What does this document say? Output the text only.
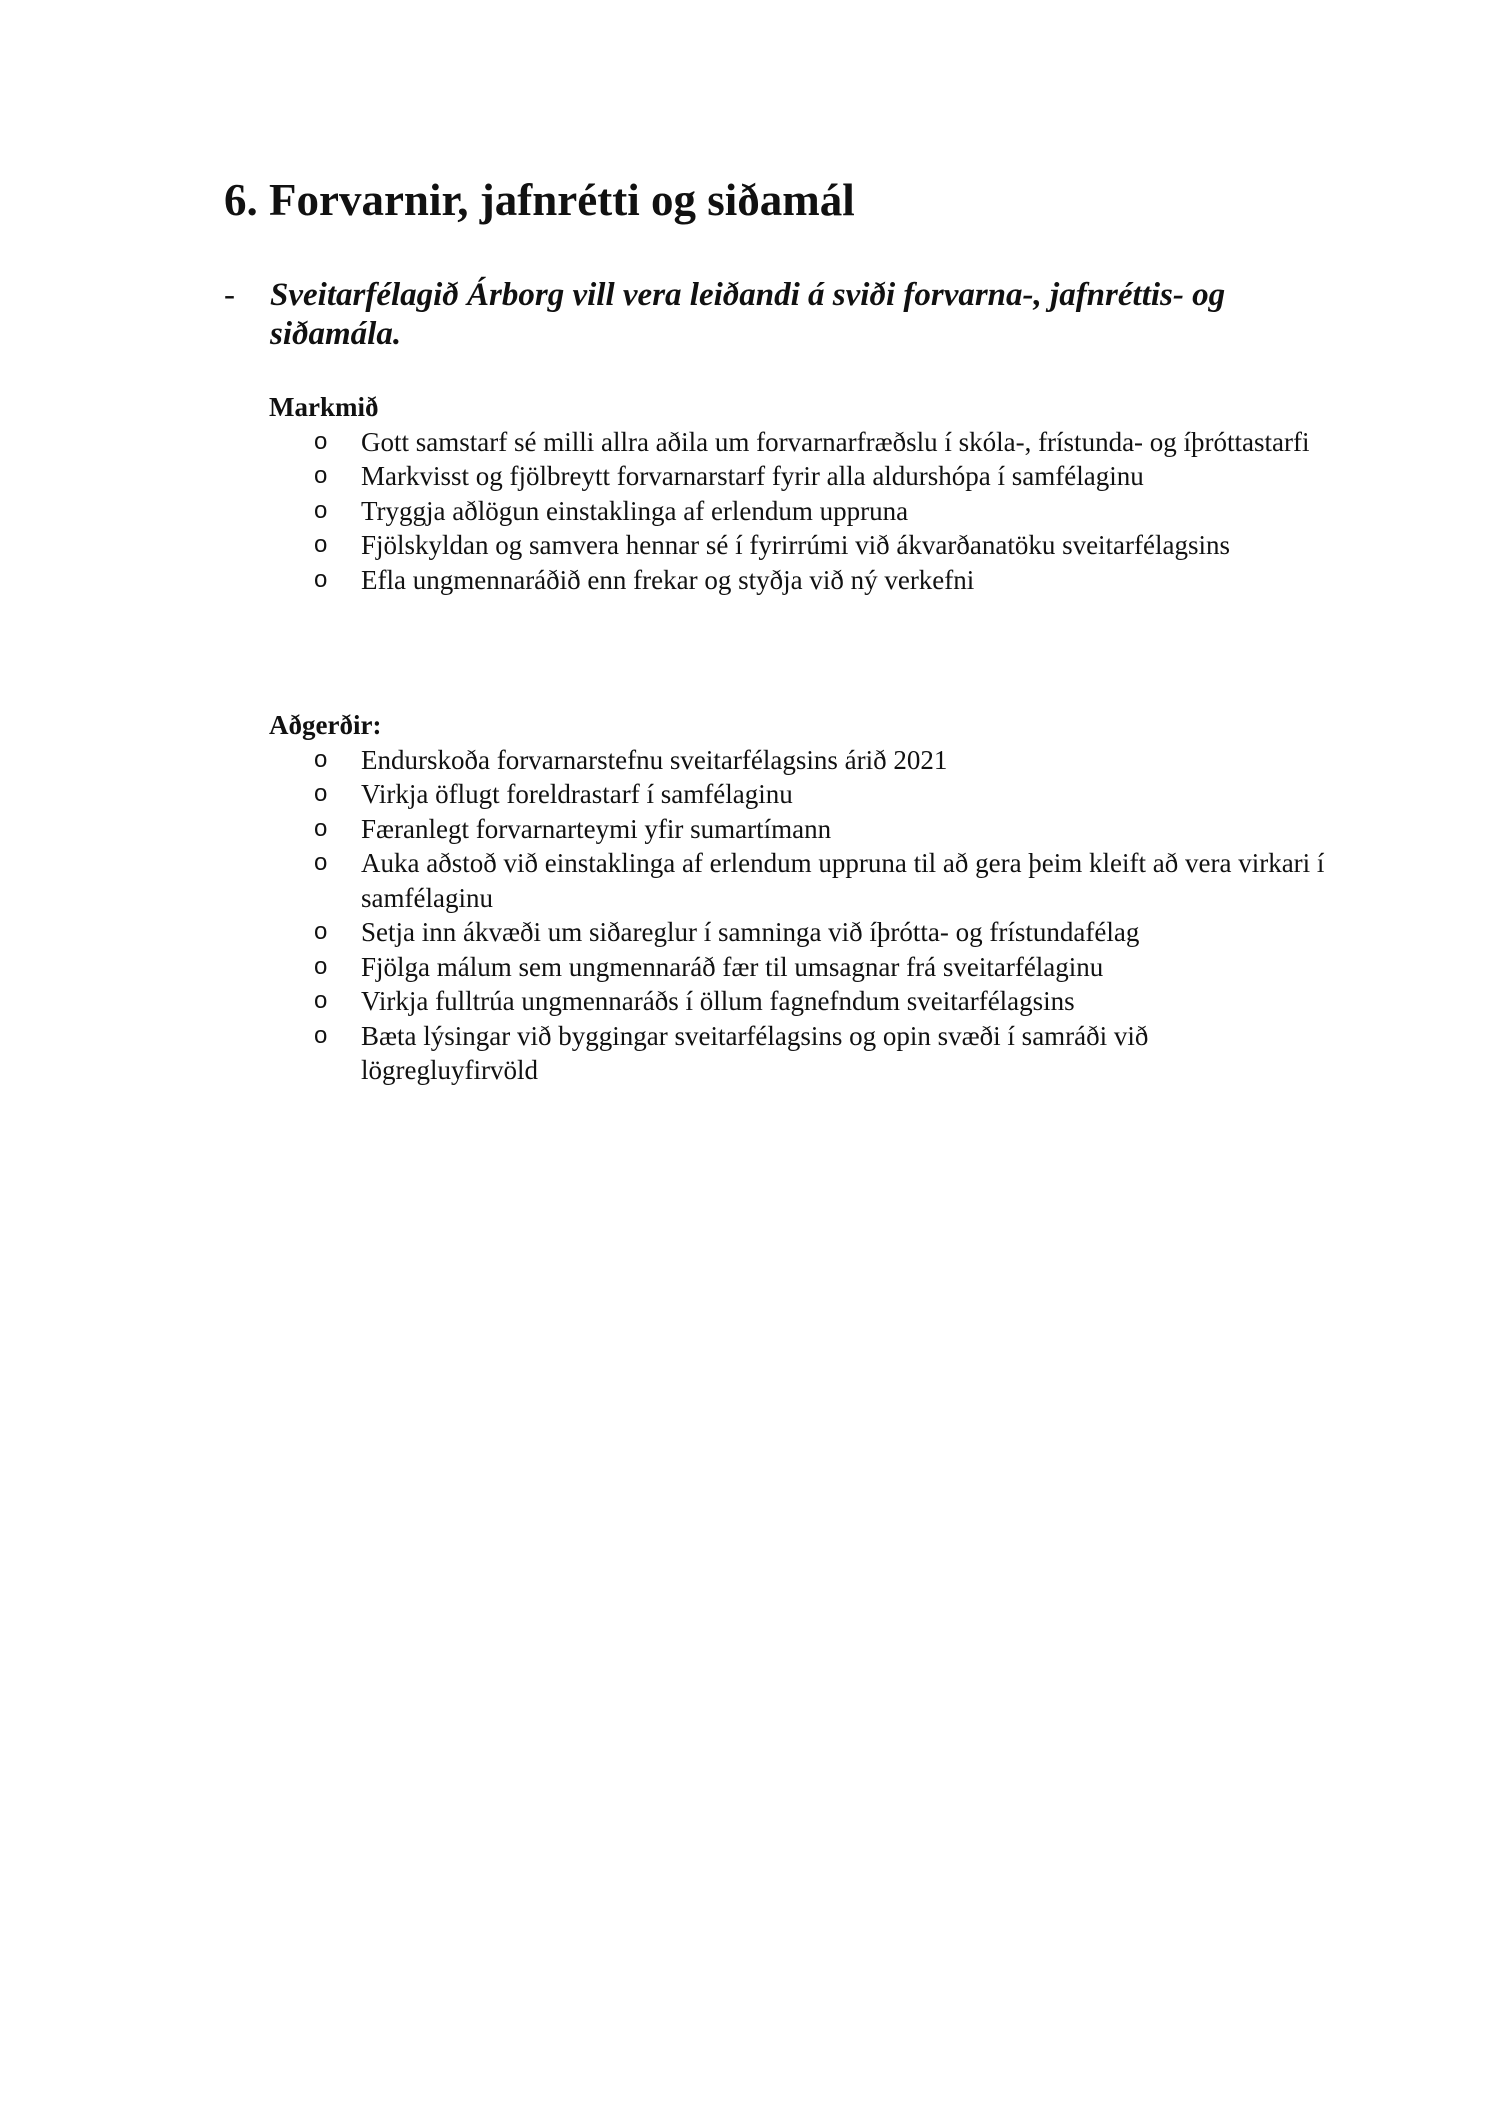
6. Forvarnir, jafnrétti og siðamál
- Sveitarfélagið Árborg vill vera leiðandi á sviði forvarna-, jafnréttis- og siðamála.

Markmið

o Gott samstarf sé milli allra aðila um forvarnarfræðslu í skóla-, frístunda- og íþróttastarfi
o Markvisst og fjölbreytt forvarnarstarf fyrir alla aldurshópa í samfélaginu
o Tryggja aðlögun einstaklinga af erlendum uppruna
o Fjölskyldan og samvera hennar sé í fyrirrúmi við ákvarðanatöku sveitarfélagsins
o Efla ungmennaráðið enn frekar og styðja við ný verkefni

Aðgerðir:

o Endurskoða forvarnarstefnu sveitarfélagsins árið 2021
o Virkja öflugt foreldrastarf í samfélaginu
o Færanlegt forvarnarteymi yfir sumartímann
o Auka aðstoð við einstaklinga af erlendum uppruna til að gera þeim kleift að vera virkari í samfélaginu
o Setja inn ákvæði um siðareglur í samninga við íþrótta- og frístundafélag
o Fjölga málum sem ungmennaráð fær til umsagnar frá sveitarfélaginu
o Virkja fulltrúa ungmennaráðs í öllum fagnefndum sveitarfélagsins
o Bæta lýsingar við byggingar sveitarfélagsins og opin svæði í samráði við lögregluyfirvöld
